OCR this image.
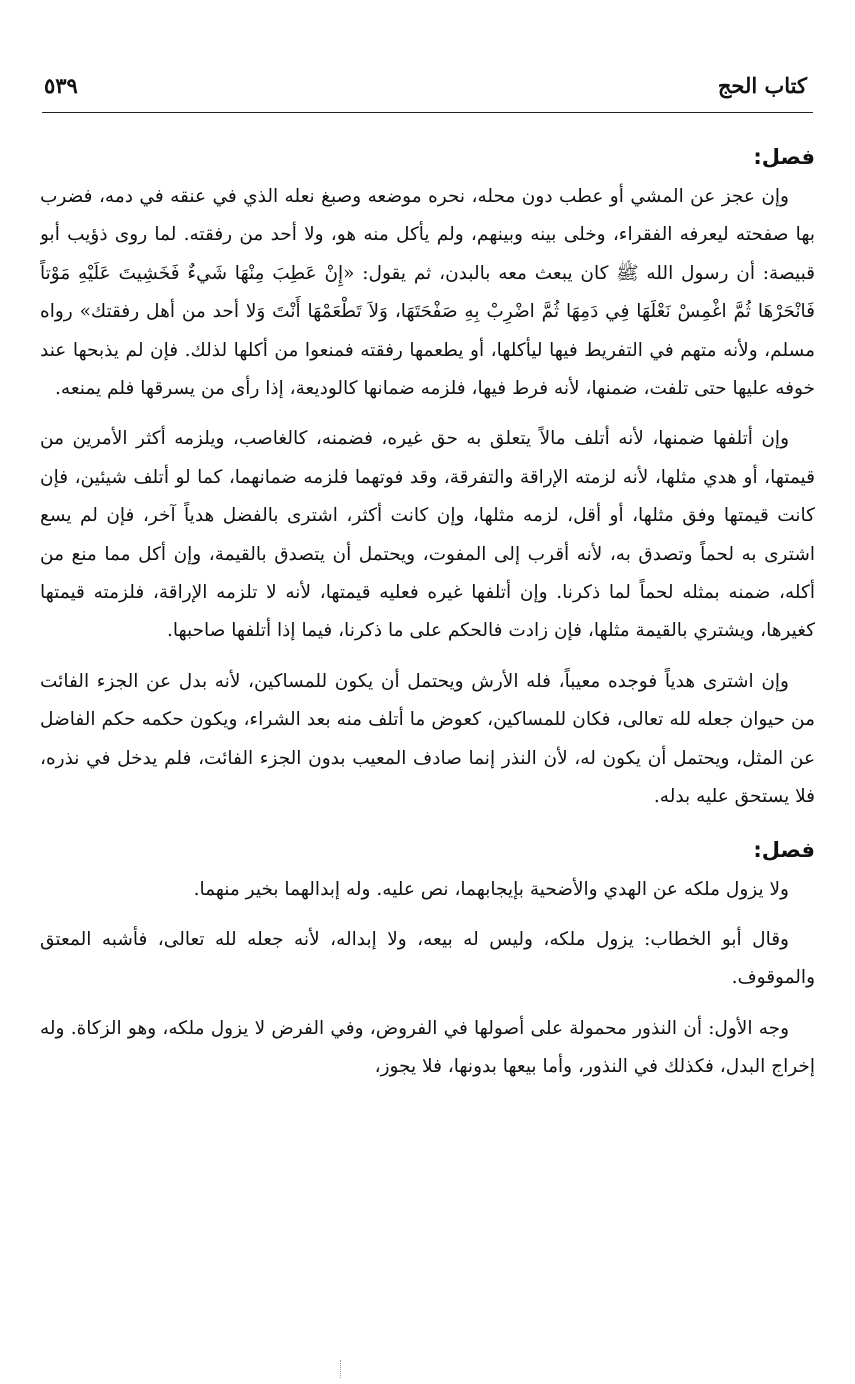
كتاب الحج
٥٣٩
فصل:

وإن عجز عن المشي أو عطب دون محله، نحره موضعه وصبغ نعله الذي في عنقه في دمه، فضرب بها صفحته ليعرفه الفقراء، وخلى بينه وبينهم، ولم يأكل منه هو، ولا أحد من رفقته. لما روى ذؤيب أبو قبيصة: أن رسول الله ﷺ كان يبعث معه بالبدن، ثم يقول: «إِنْ عَطِبَ مِنْهَا شَيءٌ فَخَشِيتَ عَلَيْهِ مَوْتاً فَانْحَرْهَا ثُمَّ اغْمِسْ نَعْلَهَا فِي دَمِهَا ثُمَّ اضْرِبْ بِهِ صَفْحَتَهَا، وَلاَ تَطْعَمْهَا أَنْتَ وَلا أحد من أهل رفقتك» رواه مسلم، ولأنه متهم في التفريط فيها ليأكلها، أو يطعمها رفقته فمنعوا من أكلها لذلك. فإن لم يذبحها عند خوفه عليها حتى تلفت، ضمنها، لأنه فرط فيها، فلزمه ضمانها كالوديعة، إذا رأى من يسرقها فلم يمنعه.

وإن أتلفها ضمنها، لأنه أتلف مالاً يتعلق به حق غيره، فضمنه، كالغاصب، ويلزمه أكثر الأمرين من قيمتها، أو هدي مثلها، لأنه لزمته الإراقة والتفرقة، وقد فوتهما فلزمه ضمانهما، كما لو أتلف شيئين، فإن كانت قيمتها وفق مثلها، أو أقل، لزمه مثلها، وإن كانت أكثر، اشترى بالفضل هدياً آخر، فإن لم يسع اشترى به لحماً وتصدق به، لأنه أقرب إلى المفوت، ويحتمل أن يتصدق بالقيمة، وإن أكل مما منع من أكله، ضمنه بمثله لحماً لما ذكرنا. وإن أتلفها غيره فعليه قيمتها، لأنه لا تلزمه الإراقة، فلزمته قيمتها كغيرها، ويشتري بالقيمة مثلها، فإن زادت فالحكم على ما ذكرنا، فيما إذا أتلفها صاحبها.

وإن اشترى هدياً فوجده معيباً، فله الأرش ويحتمل أن يكون للمساكين، لأنه بدل عن الجزء الفائت من حيوان جعله لله تعالى، فكان للمساكين، كعوض ما أتلف منه بعد الشراء، ويكون حكمه حكم الفاضل عن المثل، ويحتمل أن يكون له، لأن النذر إنما صادف المعيب بدون الجزء الفائت، فلم يدخل في نذره، فلا يستحق عليه بدله.

فصل:

ولا يزول ملكه عن الهدي والأضحية بإيجابهما، نص عليه. وله إبدالهما بخير منهما.

وقال أبو الخطاب: يزول ملكه، وليس له بيعه، ولا إبداله، لأنه جعله لله تعالى، فأشبه المعتق والموقوف.

وجه الأول: أن النذور محمولة على أصولها في الفروض، وفي الفرض لا يزول ملكه، وهو الزكاة. وله إخراج البدل، فكذلك في النذور، وأما بيعها بدونها، فلا يجوز،
